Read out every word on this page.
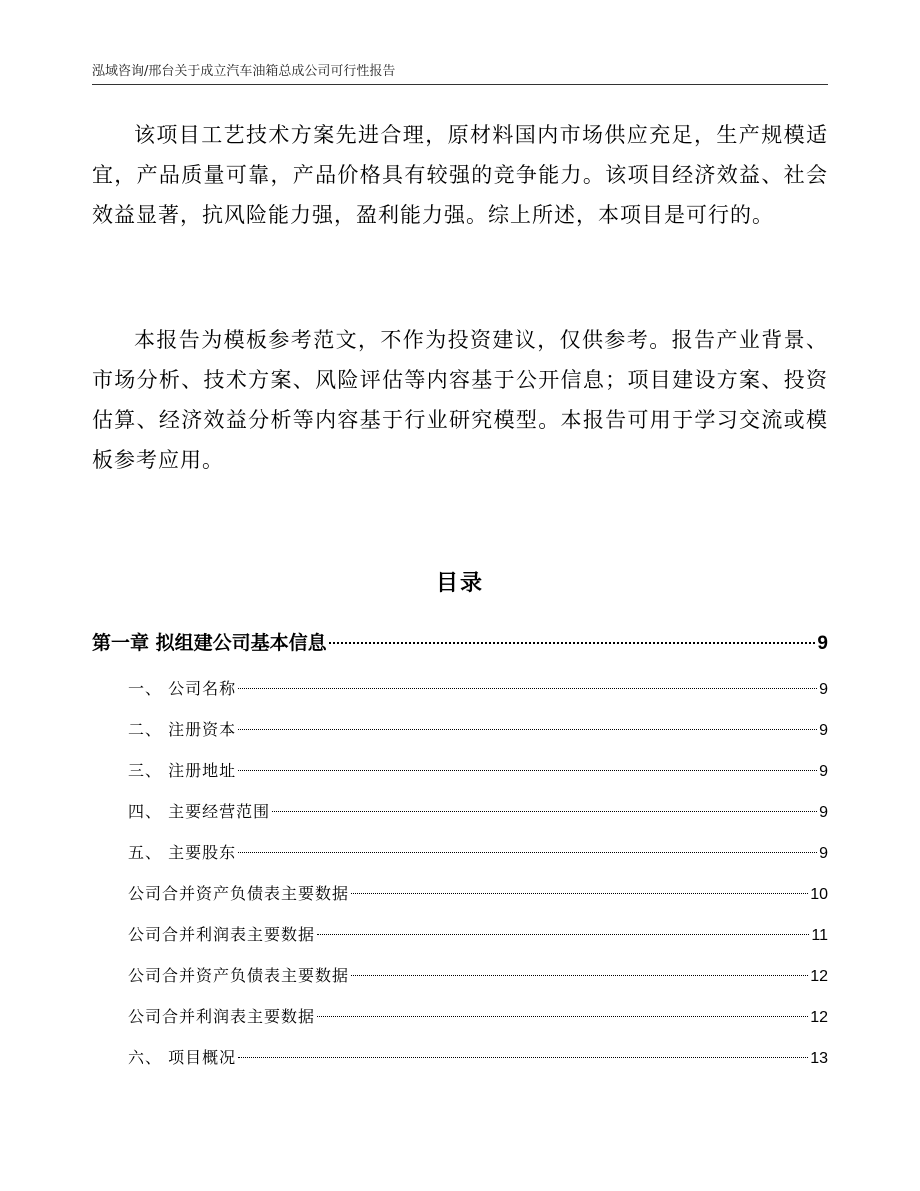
泓域咨询/邢台关于成立汽车油箱总成公司可行性报告

该项目工艺技术方案先进合理，原材料国内市场供应充足，生产规模适宜，产品质量可靠，产品价格具有较强的竞争能力。该项目经济效益、社会效益显著，抗风险能力强，盈利能力强。综上所述，本项目是可行的。

本报告为模板参考范文，不作为投资建议，仅供参考。报告产业背景、市场分析、技术方案、风险评估等内容基于公开信息；项目建设方案、投资估算、经济效益分析等内容基于行业研究模型。本报告可用于学习交流或模板参考应用。

目录
第一章 拟组建公司基本信息	9
一、 公司名称	9
二、 注册资本	9
三、 注册地址	9
四、 主要经营范围	9
五、 主要股东	9
公司合并资产负债表主要数据	10
公司合并利润表主要数据	11
公司合并资产负债表主要数据	12
公司合并利润表主要数据	12
六、 项目概况	13
